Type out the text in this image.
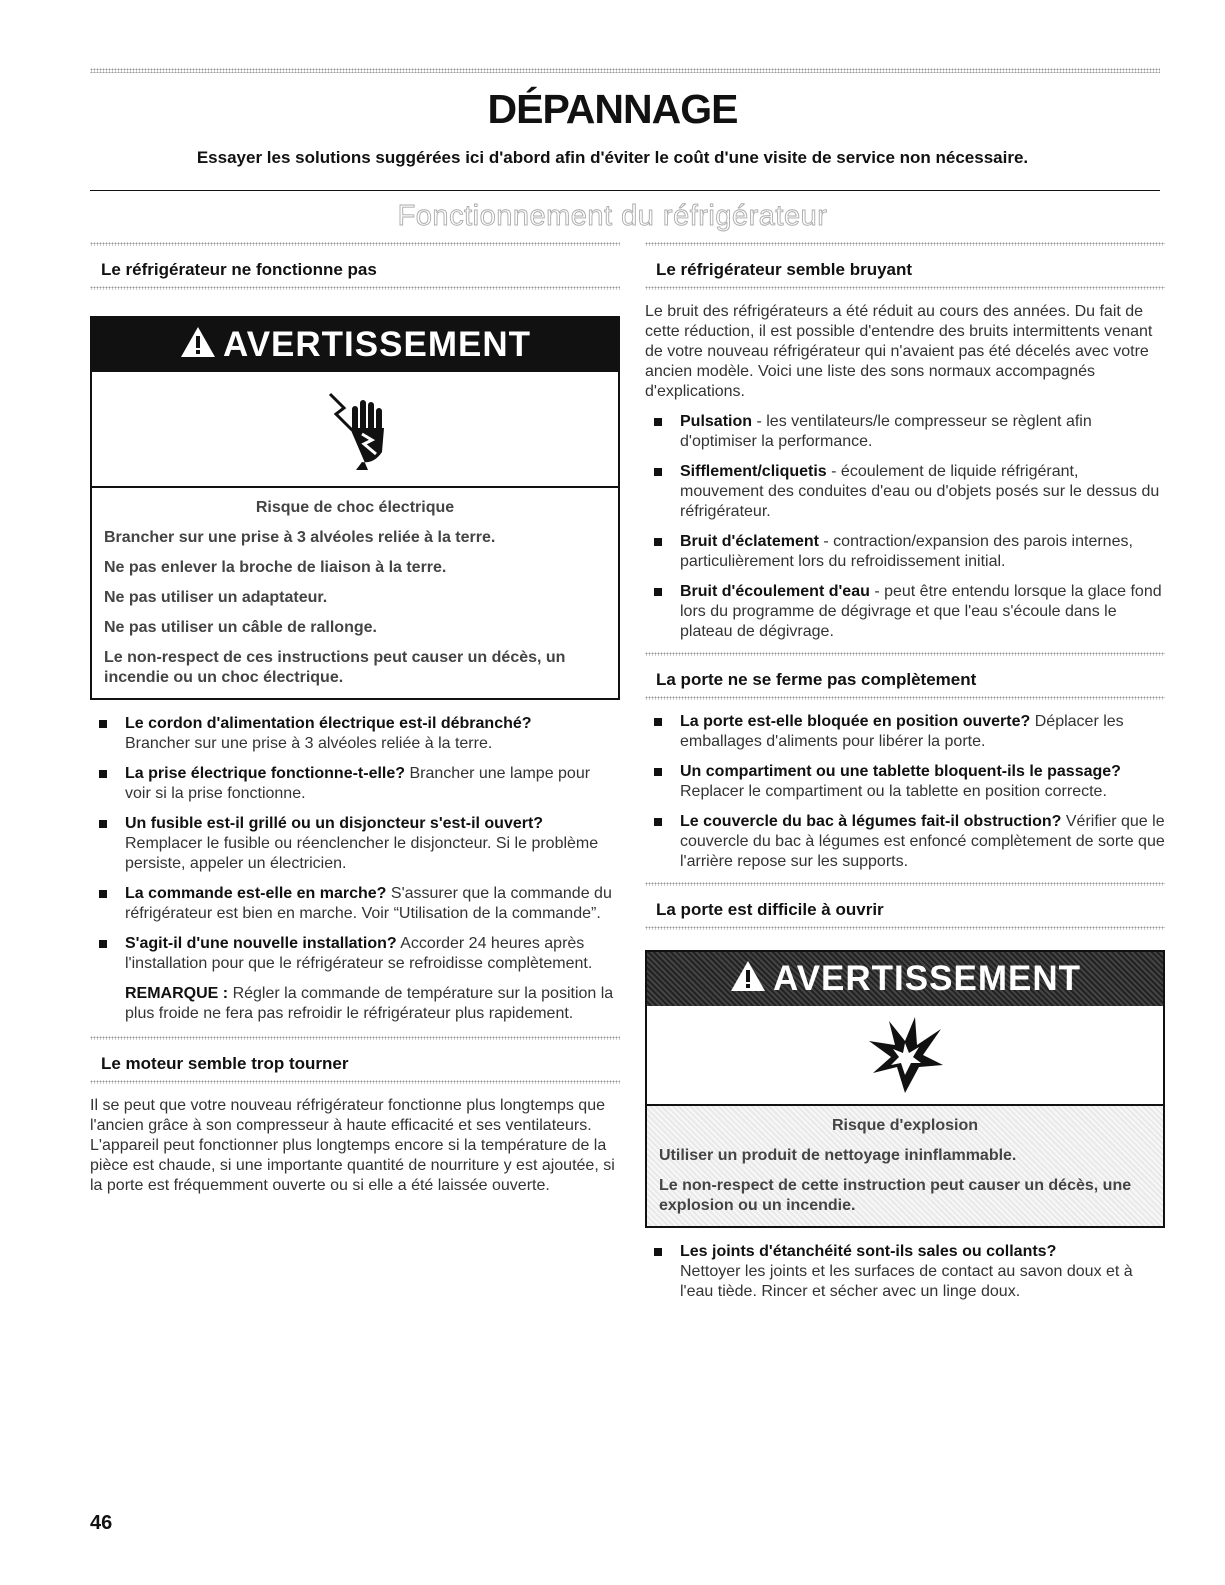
DÉPANNAGE

Essayer les solutions suggérées ici d'abord afin d'éviter le coût d'une visite de service non nécessaire.

Fonctionnement du réfrigérateur
Le réfrigérateur ne fonctionne pas
AVERTISSEMENT
Risque de choc électrique
Brancher sur une prise à 3 alvéoles reliée à la terre.
Ne pas enlever la broche de liaison à la terre.
Ne pas utiliser un adaptateur.
Ne pas utiliser un câble de rallonge.
Le non-respect de ces instructions peut causer un décès, un incendie ou un choc électrique.
Le cordon d'alimentation électrique est-il débranché?
Brancher sur une prise à 3 alvéoles reliée à la terre.
La prise électrique fonctionne-t-elle? Brancher une lampe pour voir si la prise fonctionne.
Un fusible est-il grillé ou un disjoncteur s'est-il ouvert?
Remplacer le fusible ou réenclencher le disjoncteur. Si le problème persiste, appeler un électricien.
La commande est-elle en marche? S'assurer que la commande du réfrigérateur est bien en marche. Voir “Utilisation de la commande”.
S'agit-il d'une nouvelle installation? Accorder 24 heures après l'installation pour que le réfrigérateur se refroidisse complètement.
REMARQUE : Régler la commande de température sur la position la plus froide ne fera pas refroidir le réfrigérateur plus rapidement.
Le moteur semble trop tourner

Il se peut que votre nouveau réfrigérateur fonctionne plus longtemps que l'ancien grâce à son compresseur à haute efficacité et ses ventilateurs. L'appareil peut fonctionner plus longtemps encore si la température de la pièce est chaude, si une importante quantité de nourriture y est ajoutée, si la porte est fréquemment ouverte ou si elle a été laissée ouverte.

Le réfrigérateur semble bruyant

Le bruit des réfrigérateurs a été réduit au cours des années. Du fait de cette réduction, il est possible d'entendre des bruits intermittents venant de votre nouveau réfrigérateur qui n'avaient pas été décelés avec votre ancien modèle. Voici une liste des sons normaux accompagnés d'explications.

Pulsation - les ventilateurs/le compresseur se règlent afin d'optimiser la performance.
Sifflement/cliquetis - écoulement de liquide réfrigérant, mouvement des conduites d'eau ou d'objets posés sur le dessus du réfrigérateur.
Bruit d'éclatement - contraction/expansion des parois internes, particulièrement lors du refroidissement initial.
Bruit d'écoulement d'eau - peut être entendu lorsque la glace fond lors du programme de dégivrage et que l'eau s'écoule dans le plateau de dégivrage.
La porte ne se ferme pas complètement
La porte est-elle bloquée en position ouverte? Déplacer les emballages d'aliments pour libérer la porte.
Un compartiment ou une tablette bloquent-ils le passage? Replacer le compartiment ou la tablette en position correcte.
Le couvercle du bac à légumes fait-il obstruction? Vérifier que le couvercle du bac à légumes est enfoncé complètement de sorte que l'arrière repose sur les supports.
La porte est difficile à ouvrir
AVERTISSEMENT
Risque d'explosion
Utiliser un produit de nettoyage ininflammable.
Le non-respect de cette instruction peut causer un décès, une explosion ou un incendie.
Les joints d'étanchéité sont-ils sales ou collants?
Nettoyer les joints et les surfaces de contact au savon doux et à l'eau tiède. Rincer et sécher avec un linge doux.
46
